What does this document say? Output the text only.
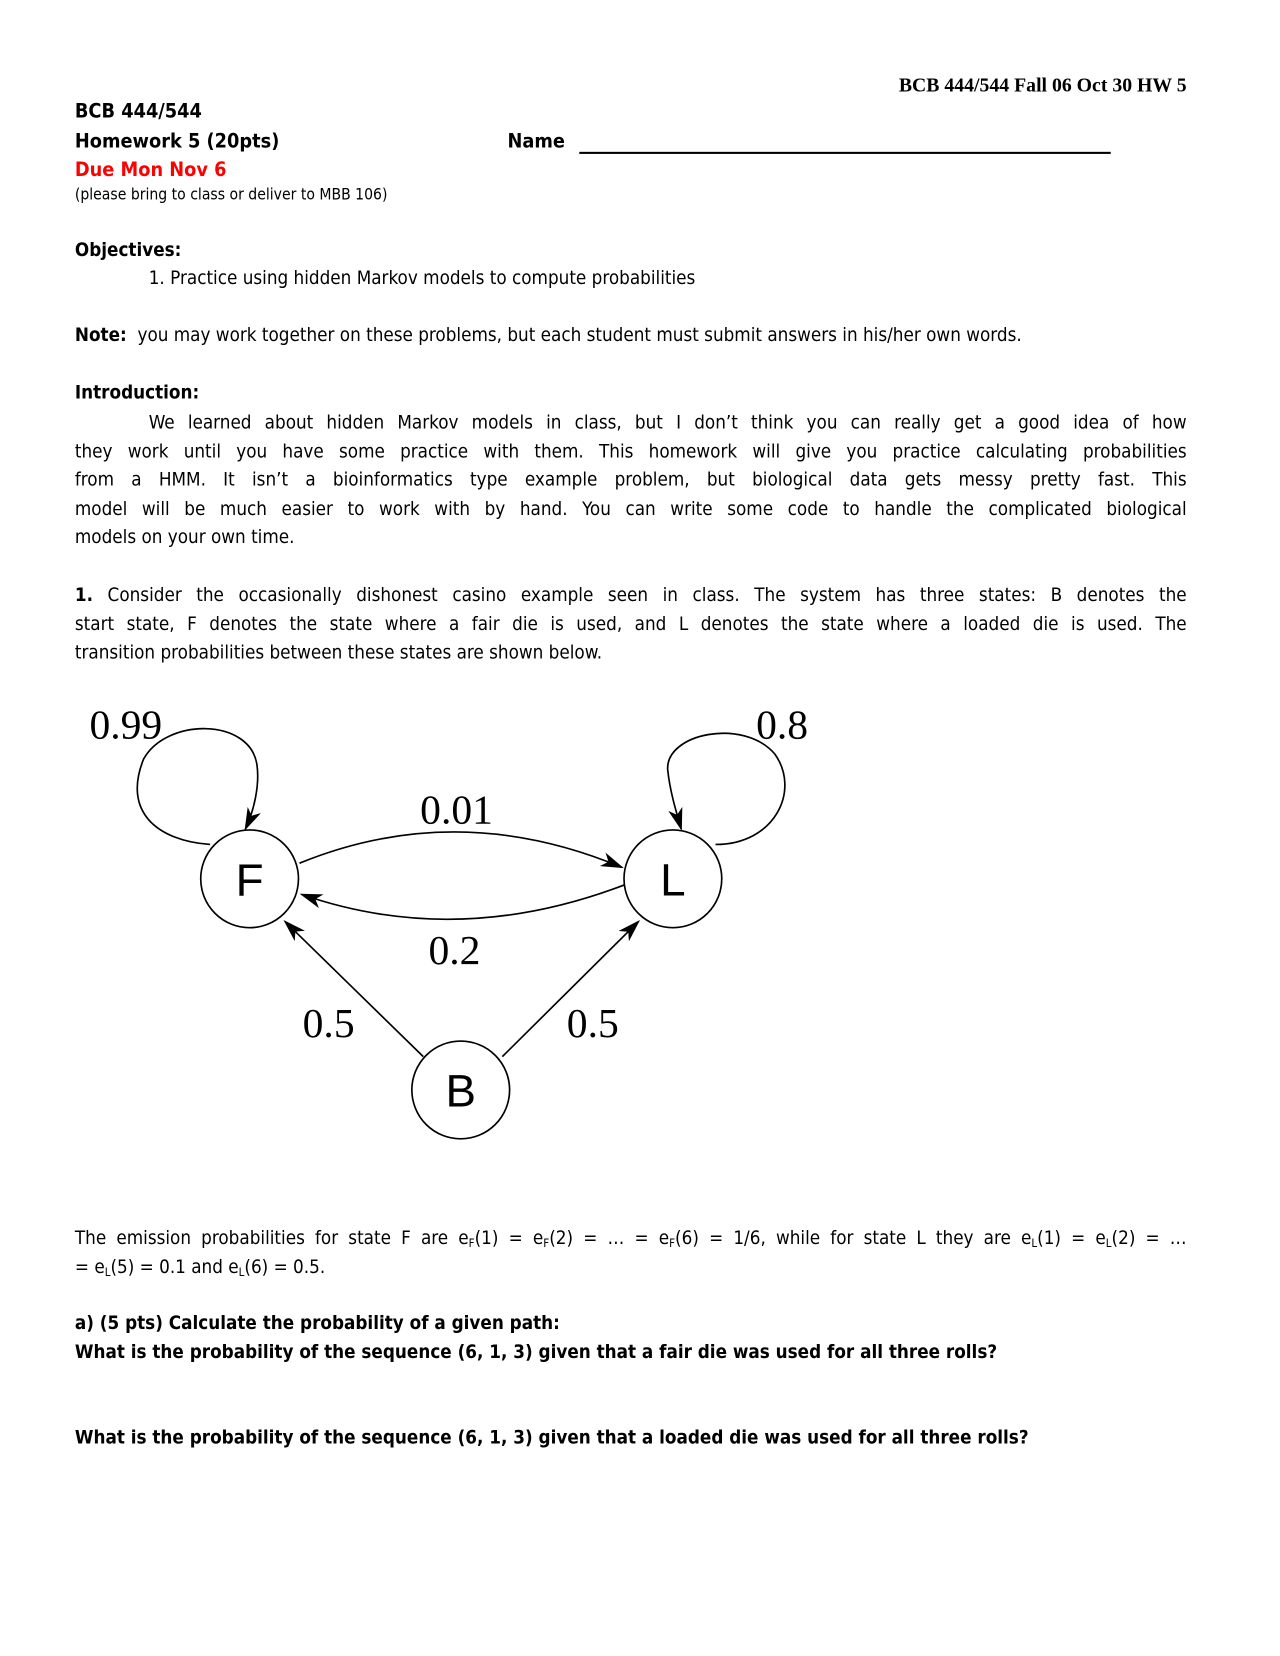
BCB 444/544 Fall 06 Oct 30 HW 5
BCB 444/544
Homework 5 (20pts)	Name
Due Mon Nov 6
(please bring to class or deliver to MBB 106)
Objectives:
1. Practice using hidden Markov models to compute probabilities
Note: you may work together on these problems, but each student must submit answers in his/her own words.
Introduction:
We learned about hidden Markov models in class, but I don’t think you can really get a good idea of how
they work until you have some practice with them. This homework will give you practice calculating probabilities
from a HMM. It isn’t a bioinformatics type example problem, but biological data gets messy pretty fast. This
model will be much easier to work with by hand. You can write some code to handle the complicated biological
models on your own time.
1. Consider the occasionally dishonest casino example seen in class. The system has three states: B denotes the
start state, F denotes the state where a fair die is used, and L denotes the state where a loaded die is used. The
transition probabilities between these states are shown below.
F	L
B
0.99	0.8
0.01
0.2
0.5	0.5
The emission probabilities for state F are $e_F(1) = e_F(2)$ = … = $e_F(6) = 1/6$, while for state L they are $e_L(1) = e_L(2)$ = …
= $e_L(5) = 0.1$ and $e_L(6) = 0.5$.
a) (5 pts) Calculate the probability of a given path:
What is the probability of the sequence (6, 1, 3) given that a fair die was used for all three rolls?
What is the probability of the sequence (6, 1, 3) given that a loaded die was used for all three rolls?
